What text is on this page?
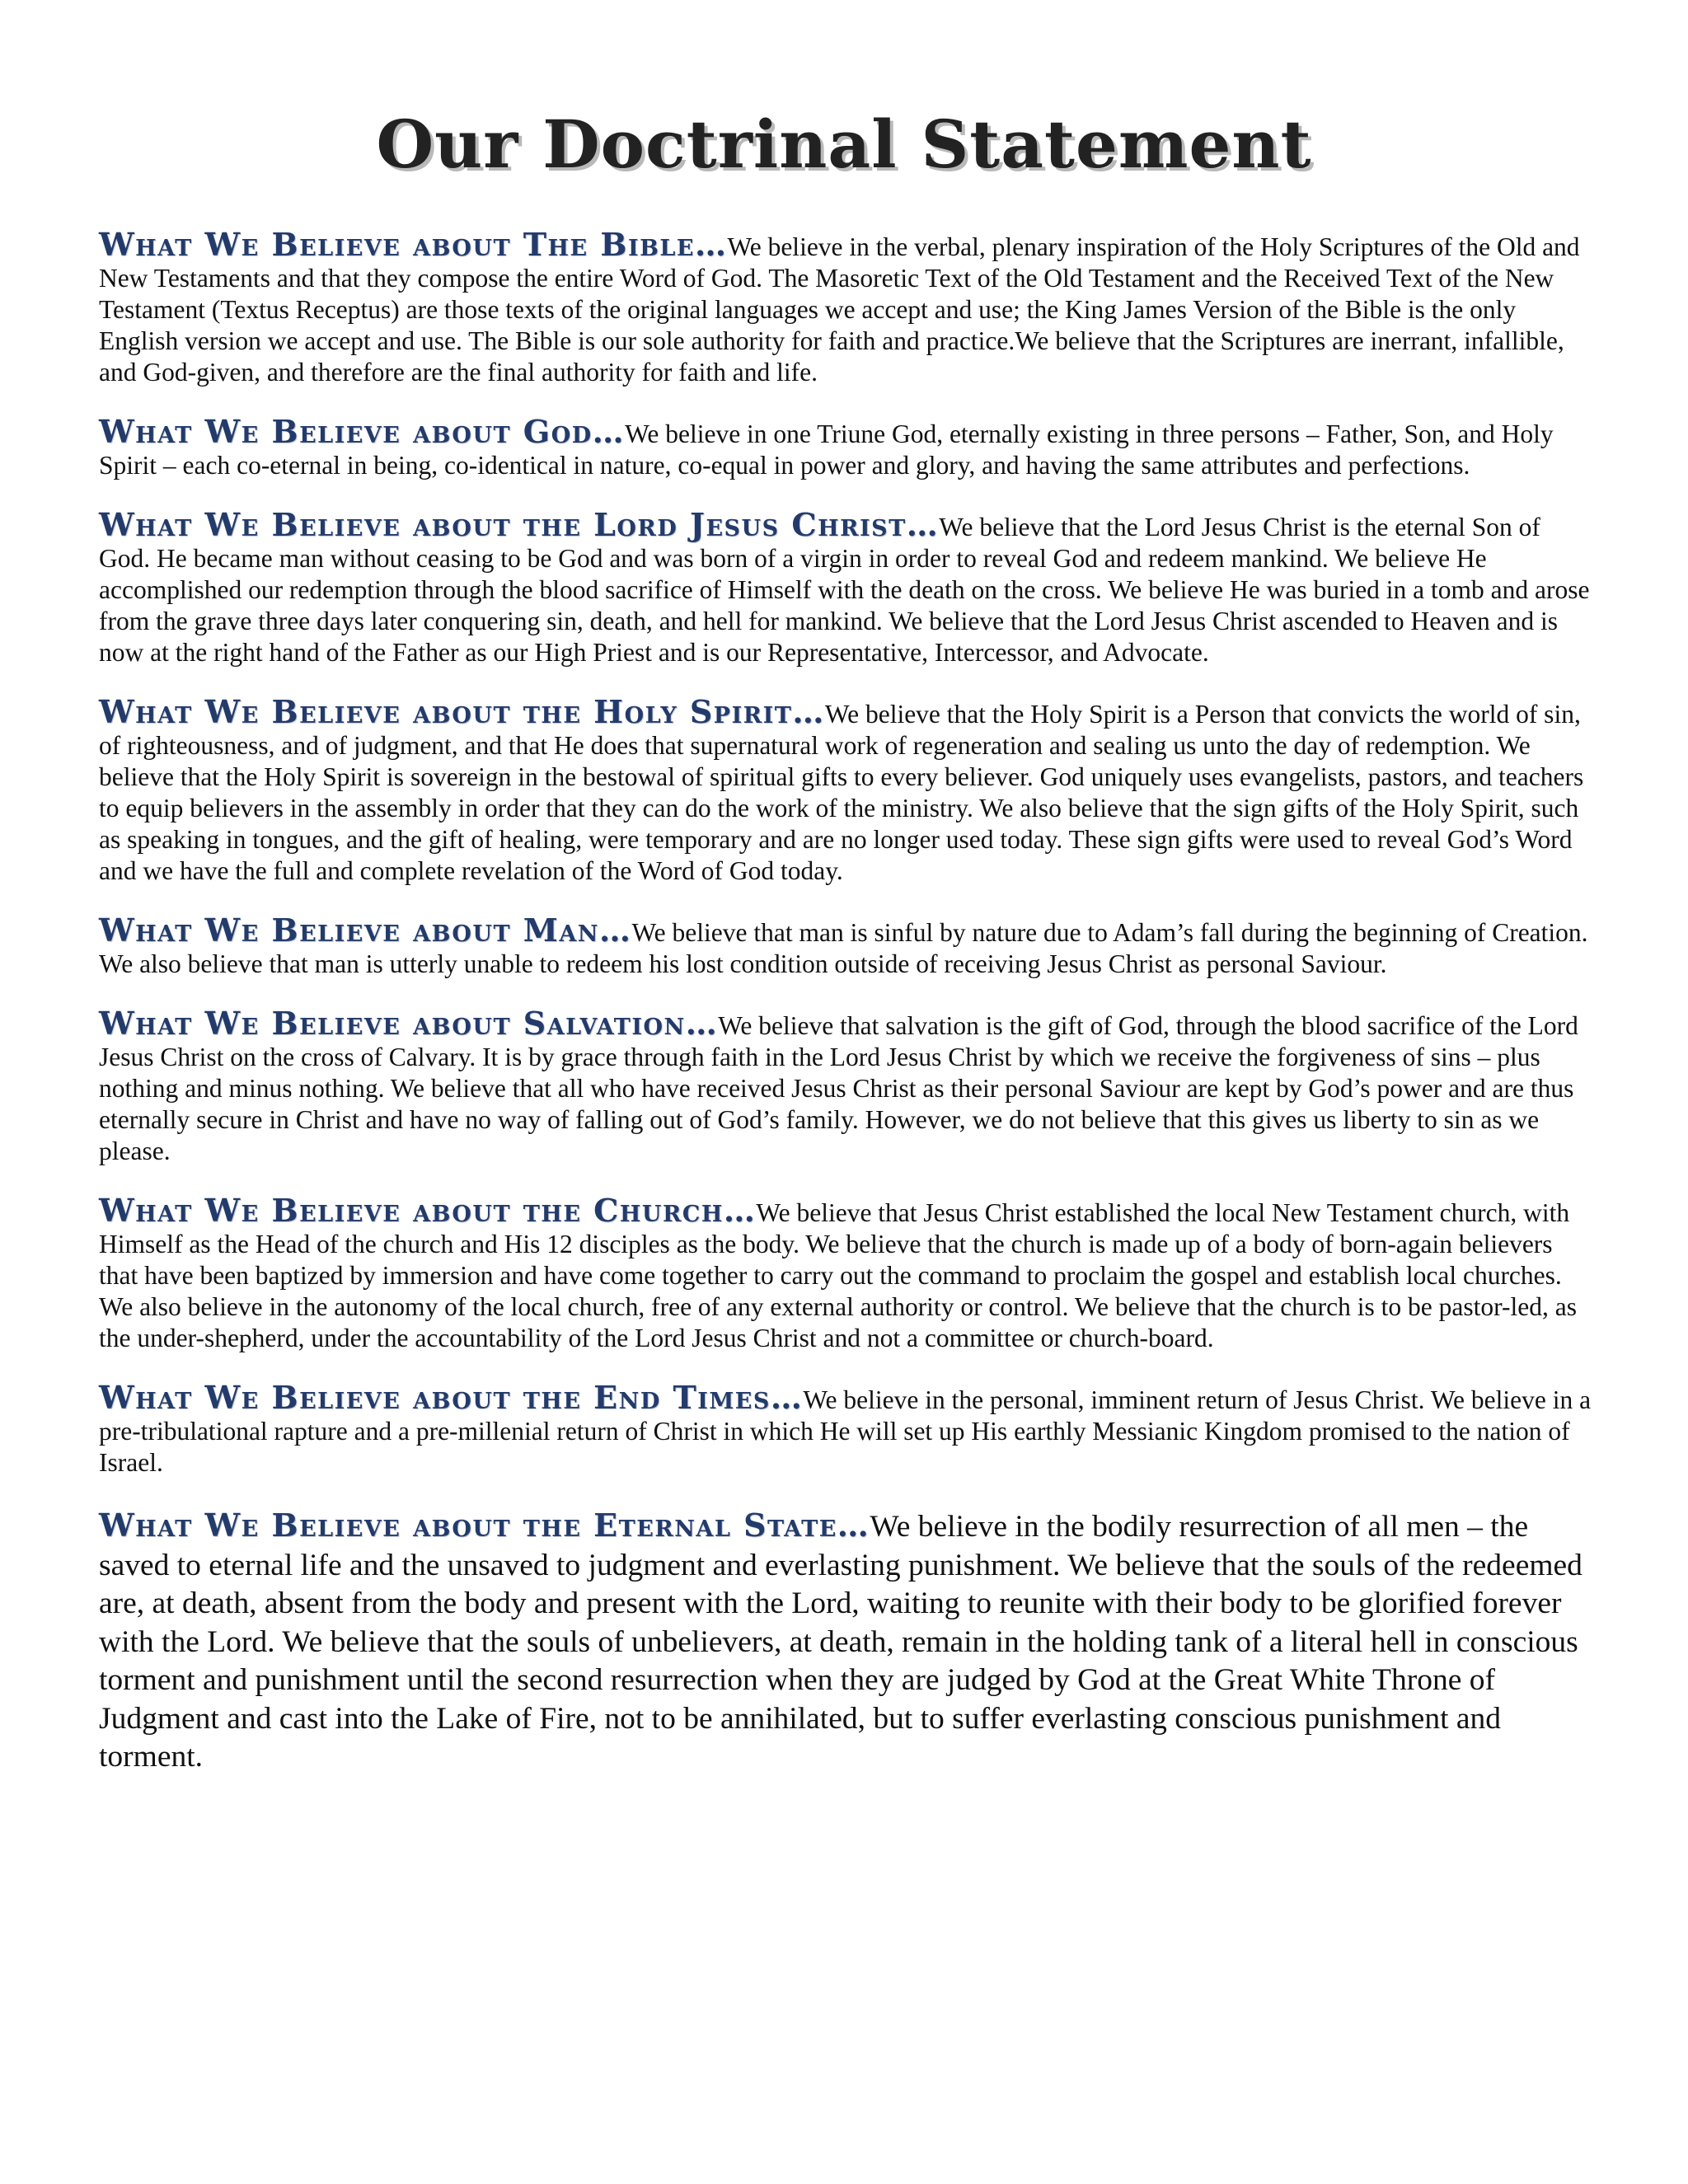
Our Doctrinal Statement

What We Believe about The Bible…We believe in the verbal, plenary inspiration of the Holy Scriptures of the Old and New Testaments and that they compose the entire Word of God. The Masoretic Text of the Old Testament and the Received Text of the New Testament (Textus Receptus) are those texts of the original languages we accept and use; the King James Version of the Bible is the only English version we accept and use. The Bible is our sole authority for faith and practice.We believe that the Scriptures are inerrant, infallible, and God-given, and therefore are the final authority for faith and life.

What We Believe about God…We believe in one Triune God, eternally existing in three persons – Father, Son, and Holy Spirit – each co-eternal in being, co-identical in nature, co-equal in power and glory, and having the same attributes and perfections.

What We Believe about the Lord Jesus Christ…We believe that the Lord Jesus Christ is the eternal Son of God. He became man without ceasing to be God and was born of a virgin in order to reveal God and redeem mankind. We believe He accomplished our redemption through the blood sacrifice of Himself with the death on the cross. We believe He was buried in a tomb and arose from the grave three days later conquering sin, death, and hell for mankind. We believe that the Lord Jesus Christ ascended to Heaven and is now at the right hand of the Father as our High Priest and is our Representative, Intercessor, and Advocate.

What We Believe about the Holy Spirit…We believe that the Holy Spirit is a Person that convicts the world of sin, of righteousness, and of judgment, and that He does that supernatural work of regeneration and sealing us unto the day of redemption. We believe that the Holy Spirit is sovereign in the bestowal of spiritual gifts to every believer. God uniquely uses evangelists, pastors, and teachers to equip believers in the assembly in order that they can do the work of the ministry. We also believe that the sign gifts of the Holy Spirit, such as speaking in tongues, and the gift of healing, were temporary and are no longer used today. These sign gifts were used to reveal God’s Word and we have the full and complete revelation of the Word of God today.

What We Believe about Man…We believe that man is sinful by nature due to Adam’s fall during the beginning of Creation. We also believe that man is utterly unable to redeem his lost condition outside of receiving Jesus Christ as personal Saviour.

What We Believe about Salvation…We believe that salvation is the gift of God, through the blood sacrifice of the Lord Jesus Christ on the cross of Calvary. It is by grace through faith in the Lord Jesus Christ by which we receive the forgiveness of sins – plus nothing and minus nothing. We believe that all who have received Jesus Christ as their personal Saviour are kept by God’s power and are thus eternally secure in Christ and have no way of falling out of God’s family. However, we do not believe that this gives us liberty to sin as we please.

What We Believe about the Church…We believe that Jesus Christ established the local New Testament church, with Himself as the Head of the church and His 12 disciples as the body. We believe that the church is made up of a body of born-again believers that have been baptized by immersion and have come together to carry out the command to proclaim the gospel and establish local churches. We also believe in the autonomy of the local church, free of any external authority or control. We believe that the church is to be pastor-led, as the under-shepherd, under the accountability of the Lord Jesus Christ and not a committee or church-board.

What We Believe about the End Times…We believe in the personal, imminent return of Jesus Christ. We believe in a pre-tribulational rapture and a pre-millenial return of Christ in which He will set up His earthly Messianic Kingdom promised to the nation of Israel.

What We Believe about the Eternal State…We believe in the bodily resurrection of all men – the saved to eternal life and the unsaved to judgment and everlasting punishment. We believe that the souls of the redeemed are, at death, absent from the body and present with the Lord, waiting to reunite with their body to be glorified forever with the Lord. We believe that the souls of unbelievers, at death, remain in the holding tank of a literal hell in conscious torment and punishment until the second resurrection when they are judged by God at the Great White Throne of Judgment and cast into the Lake of Fire, not to be annihilated, but to suffer everlasting conscious punishment and torment.
